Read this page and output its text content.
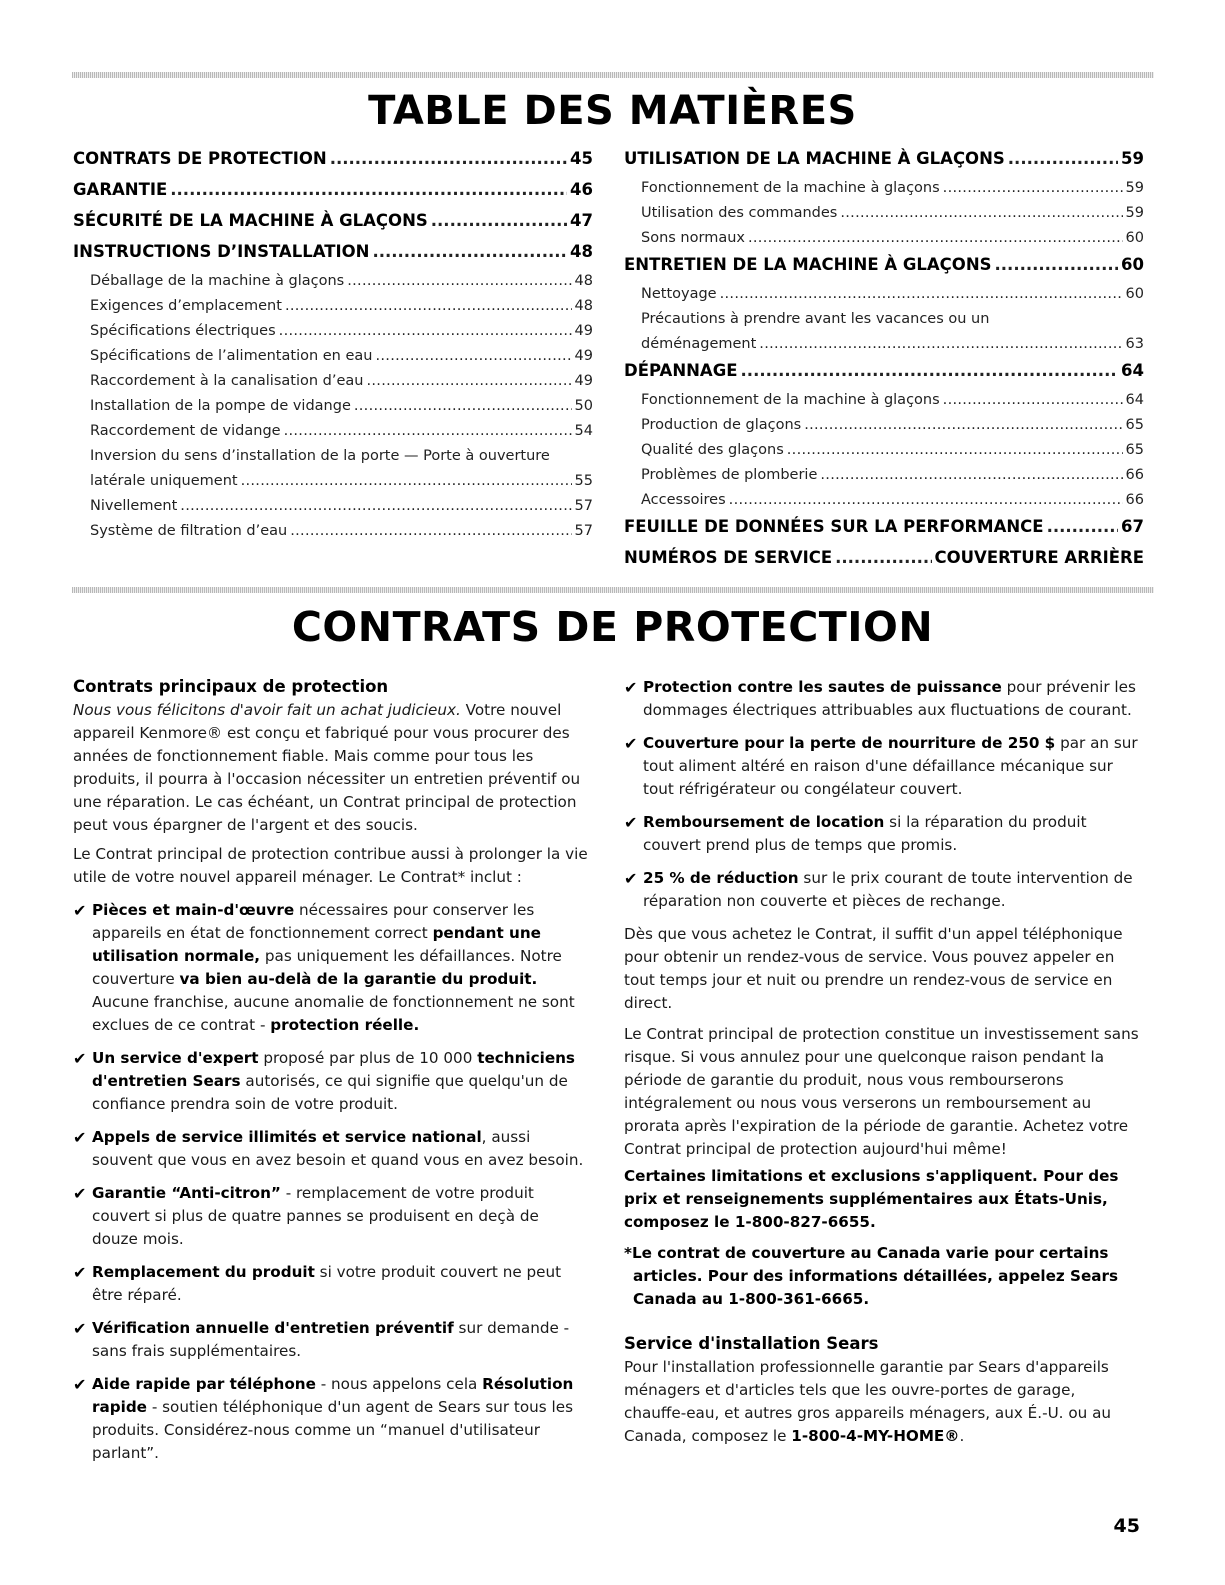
TABLE DES MATIÈRES
CONTRATS DE PROTECTION .....	45
GARANTIE .....	46
SÉCURITÉ DE LA MACHINE À GLAÇONS .....	47
INSTRUCTIONS D’INSTALLATION .....	48
Déballage de la machine à glaçons .....	48
Exigences d’emplacement .....	48
Spécifications électriques .....	49
Spécifications de l’alimentation en eau .....	49
Raccordement à la canalisation d’eau .....	49
Installation de la pompe de vidange .....	50
Raccordement de vidange .....	54
Inversion du sens d’installation de la porte — Porte à ouverture
latérale uniquement .....	55
Nivellement .....	57
Système de filtration d’eau .....	57
UTILISATION DE LA MACHINE À GLAÇONS .....	59
Fonctionnement de la machine à glaçons .....	59
Utilisation des commandes .....	59
Sons normaux .....	60
ENTRETIEN DE LA MACHINE À GLAÇONS .....	60
Nettoyage .....	60
Précautions à prendre avant les vacances ou un
déménagement .....	63
DÉPANNAGE .....	64
Fonctionnement de la machine à glaçons .....	64
Production de glaçons .....	65
Qualité des glaçons .....	65
Problèmes de plomberie .....	66
Accessoires .....	66
FEUILLE DE DONNÉES SUR LA PERFORMANCE .....	67
NUMÉROS DE SERVICE .....	COUVERTURE ARRIÈRE
CONTRATS DE PROTECTION
Contrats principaux de protection

Nous vous félicitons d'avoir fait un achat judicieux. Votre nouvel appareil Kenmore® est conçu et fabriqué pour vous procurer des années de fonctionnement fiable. Mais comme pour tous les produits, il pourra à l'occasion nécessiter un entretien préventif ou une réparation. Le cas échéant, un Contrat principal de protection peut vous épargner de l'argent et des soucis.

Le Contrat principal de protection contribue aussi à prolonger la vie utile de votre nouvel appareil ménager. Le Contrat* inclut :

✔ Pièces et main-d'œuvre nécessaires pour conserver les appareils en état de fonctionnement correct pendant une utilisation normale, pas uniquement les défaillances. Notre couverture va bien au-delà de la garantie du produit. Aucune franchise, aucune anomalie de fonctionnement ne sont exclues de ce contrat - protection réelle.
✔ Un service d'expert proposé par plus de 10 000 techniciens d'entretien Sears autorisés, ce qui signifie que quelqu'un de confiance prendra soin de votre produit.
✔ Appels de service illimités et service national, aussi souvent que vous en avez besoin et quand vous en avez besoin.
✔ Garantie “Anti-citron” - remplacement de votre produit couvert si plus de quatre pannes se produisent en deçà de douze mois.
✔ Remplacement du produit si votre produit couvert ne peut être réparé.
✔ Vérification annuelle d'entretien préventif sur demande - sans frais supplémentaires.
✔ Aide rapide par téléphone - nous appelons cela Résolution rapide - soutien téléphonique d'un agent de Sears sur tous les produits. Considérez-nous comme un “manuel d'utilisateur parlant”.
✔ Protection contre les sautes de puissance pour prévenir les dommages électriques attribuables aux fluctuations de courant.
✔ Couverture pour la perte de nourriture de 250 $ par an sur tout aliment altéré en raison d'une défaillance mécanique sur tout réfrigérateur ou congélateur couvert.
✔ Remboursement de location si la réparation du produit couvert prend plus de temps que promis.
✔ 25 % de réduction sur le prix courant de toute intervention de réparation non couverte et pièces de rechange.

Dès que vous achetez le Contrat, il suffit d'un appel téléphonique pour obtenir un rendez-vous de service. Vous pouvez appeler en tout temps jour et nuit ou prendre un rendez-vous de service en direct.

Le Contrat principal de protection constitue un investissement sans risque. Si vous annulez pour une quelconque raison pendant la période de garantie du produit, nous vous rembourserons intégralement ou nous vous verserons un remboursement au prorata après l'expiration de la période de garantie. Achetez votre Contrat principal de protection aujourd'hui même!

Certaines limitations et exclusions s'appliquent. Pour des prix et renseignements supplémentaires aux États-Unis, composez le 1-800-827-6655.

*Le contrat de couverture au Canada varie pour certains
articles. Pour des informations détaillées, appelez Sears Canada au 1-800-361-6665.
Service d'installation Sears

Pour l'installation professionnelle garantie par Sears d'appareils ménagers et d'articles tels que les ouvre-portes de garage, chauffe-eau, et autres gros appareils ménagers, aux É.-U. ou au Canada, composez le 1-800-4-MY-HOME®.

45
